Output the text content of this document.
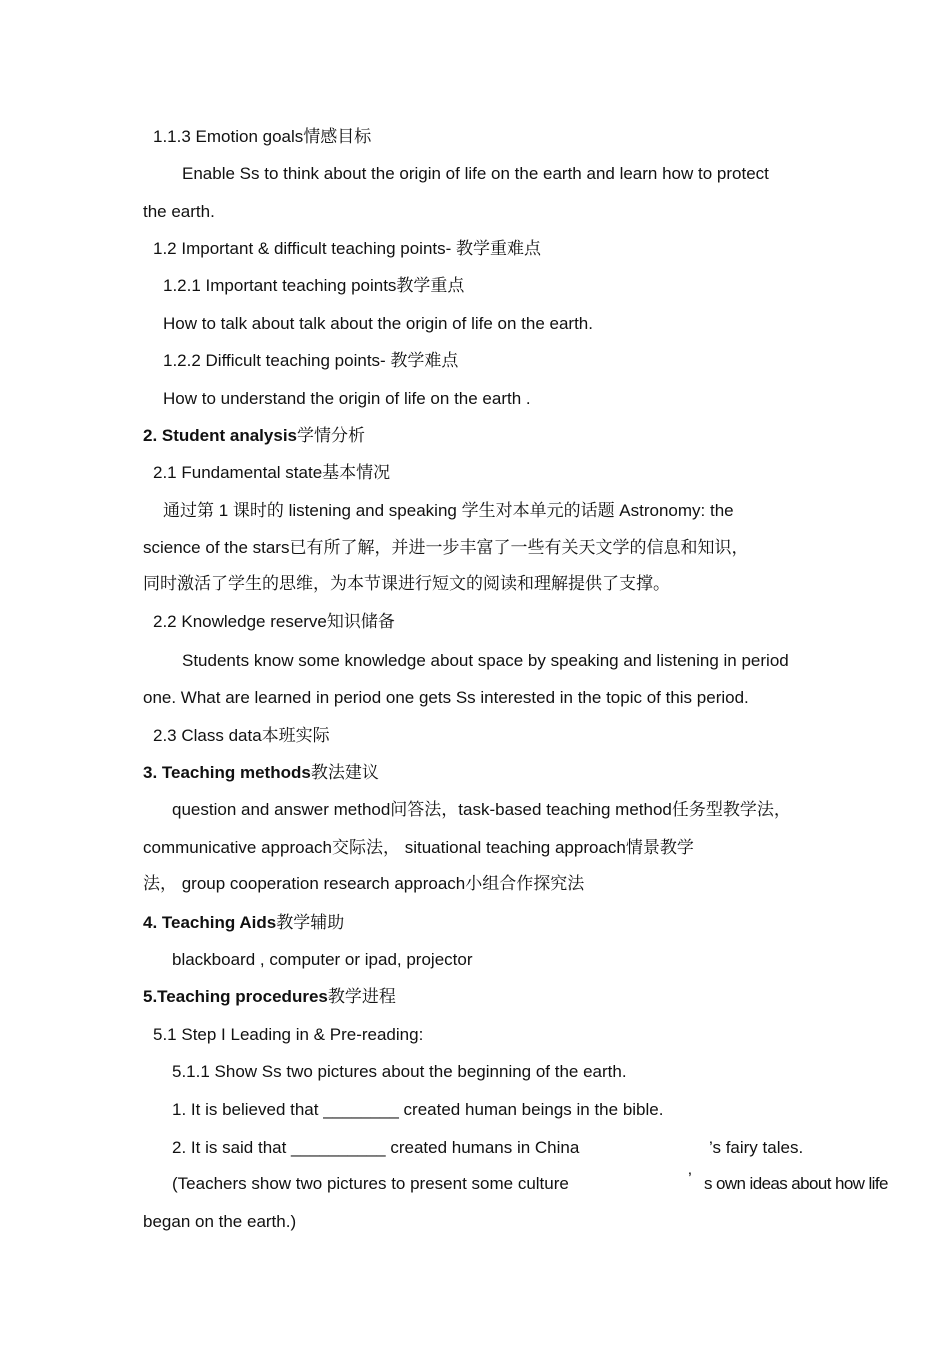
1.1.3 Emotion goals情感目标
Enable Ss to think about the origin of life on the earth and learn how to protect
the earth.
1.2 Important & difficult teaching points- 教学重难点
1.2.1 Important teaching points教学重点
How to talk about talk about the origin of life on the earth.
1.2.2 Difficult teaching points- 教学难点
How to understand the origin of life on the earth .
2. Student analysis学情分析
2.1 Fundamental state基本情况
通过第 1 课时的 listening and speaking 学生对本单元的话题 Astronomy: the
science of the stars已有所了解，并进一步丰富了一些有关天文学的信息和知识，
同时激活了学生的思维，为本节课进行短文的阅读和理解提供了支撑。
2.2 Knowledge reserve知识储备
Students know some knowledge about space by speaking and listening in period
one. What are learned in period one gets Ss interested in the topic of this period.
2.3 Class data本班实际
3. Teaching methods教法建议
question and answer method问答法，task-based teaching method任务型教学法，
communicative approach交际法， situational teaching approach情景教学
法， group cooperation research approach小组合作探究法
4. Teaching Aids教学辅助
blackboard , computer or ipad, projector
5.Teaching procedures教学进程
5.1 Step I Leading in & Pre-reading:
5.1.1 Show Ss two pictures about the beginning of the earth.
1. It is believed that ________ created human beings in the bible.
2. It is said that __________ created humans in China	’s fairy tales.
(Teachers show two pictures to present some culture	’ s own ideas about how life
began on the earth.)
